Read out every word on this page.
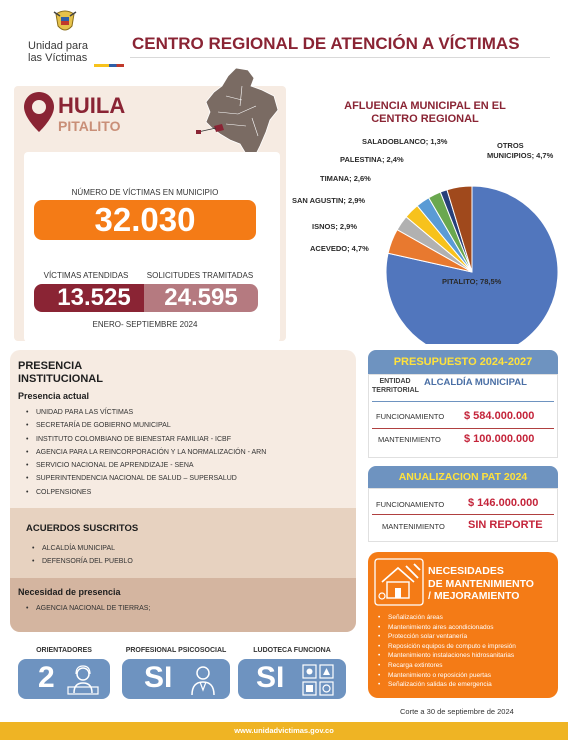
Unidad para
las Víctimas
CENTRO REGIONAL DE ATENCIÓN A VÍCTIMAS
HUILA
PITALITO
NÚMERO DE VÍCTIMAS EN MUNICIPIO
32.030
VÍCTIMAS ATENDIDAS	SOLICITUDES TRAMITADAS
13.525	24.595
ENERO- SEPTIEMBRE 2024
AFLUENCIA MUNICIPAL EN EL CENTRO REGIONAL
PITALITO; 78,5%
ACEVEDO; 4,7%
ISNOS; 2,9%
SAN AGUSTIN; 2,9%
TIMANA; 2,6%
PALESTINA; 2,4%
SALADOBLANCO; 1,3%	OTROS MUNICIPIOS; 4,7%
PRESENCIA INSTITUCIONAL
Presencia actual
• UNIDAD PARA LAS VÍCTIMAS
• SECRETARÍA DE GOBIERNO MUNICIPAL
• INSTITUTO COLOMBIANO DE BIENESTAR FAMILIAR - ICBF
• AGENCIA PARA LA REINCORPORACIÓN Y LA NORMALIZACIÓN - ARN
• SERVICIO NACIONAL DE APRENDIZAJE - SENA
• SUPERINTENDENCIA NACIONAL DE SALUD – SUPERSALUD
• COLPENSIONES
ACUERDOS SUSCRITOS
• ALCALDÍA MUNICIPAL
• DEFENSORÍA DEL PUEBLO
Necesidad de presencia
• AGENCIA NACIONAL DE TIERRAS;
ORIENTADORES	PROFESIONAL PSICOSOCIAL	LUDOTECA FUNCIONA
2	SI	SI
PRESUPUESTO 2024-2027
ENTIDAD TERRITORIAL
ALCALDÍA MUNICIPAL
FUNCIONAMIENTO $ 584.000.000
MANTENIMIENTO $ 100.000.000
ANUALIZACION PAT 2024
FUNCIONAMIENTO $ 146.000.000
MANTENIMIENTO SIN REPORTE
NECESIDADES
DE MANTENIMIENTO
/ MEJORAMIENTO
• Señalización áreas
• Mantenimiento aires acondicionados
• Protección solar ventanería
• Reposición equipos de computo e impresión
• Mantenimiento instalaciones hidrosanitarias
• Recarga extintores
• Mantenimiento o reposición puertas
• Señalización salidas de emergencia
Corte a 30 de septiembre de 2024
www.unidadvictimas.gov.co
